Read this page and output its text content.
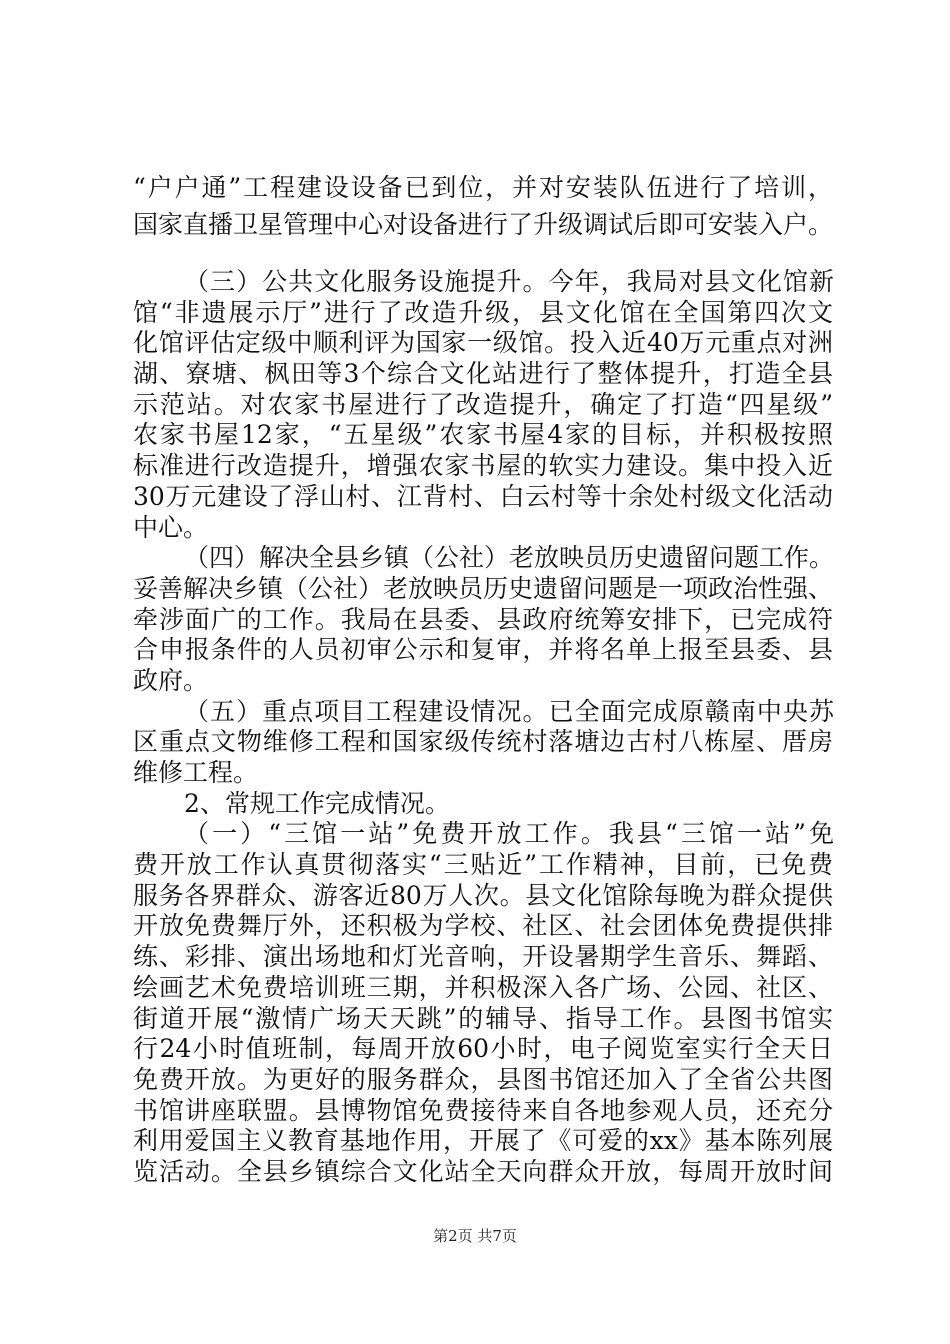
“户户通”工程建设设备已到位，并对安装队伍进行了培训，
国家直播卫星管理中心对设备进行了升级调试后即可安装入户。
（三）公共文化服务设施提升。今年，我局对县文化馆新
馆“非遗展示厅”进行了改造升级，县文化馆在全国第四次文
化馆评估定级中顺利评为国家一级馆。投入近40万元重点对洲
湖、寮塘、枫田等3个综合文化站进行了整体提升，打造全县
示范站。对农家书屋进行了改造提升，确定了打造“四星级”
农家书屋12家，“五星级”农家书屋4家的目标，并积极按照
标准进行改造提升，增强农家书屋的软实力建设。集中投入近
30万元建设了浮山村、江背村、白云村等十余处村级文化活动
中心。
（四）解决全县乡镇（公社）老放映员历史遗留问题工作。
妥善解决乡镇（公社）老放映员历史遗留问题是一项政治性强、
牵涉面广的工作。我局在县委、县政府统筹安排下，已完成符
合申报条件的人员初审公示和复审，并将名单上报至县委、县
政府。
（五）重点项目工程建设情况。已全面完成原赣南中央苏
区重点文物维修工程和国家级传统村落塘边古村八栋屋、厝房
维修工程。
2、常规工作完成情况。
（一）“三馆一站”免费开放工作。我县“三馆一站”免
费开放工作认真贯彻落实“三贴近”工作精神，目前，已免费
服务各界群众、游客近80万人次。县文化馆除每晚为群众提供
开放免费舞厅外，还积极为学校、社区、社会团体免费提供排
练、彩排、演出场地和灯光音响，开设暑期学生音乐、舞蹈、
绘画艺术免费培训班三期，并积极深入各广场、公园、社区、
街道开展“激情广场天天跳”的辅导、指导工作。县图书馆实
行24小时值班制，每周开放60小时，电子阅览室实行全天日
免费开放。为更好的服务群众，县图书馆还加入了全省公共图
书馆讲座联盟。县博物馆免费接待来自各地参观人员，还充分
利用爱国主义教育基地作用，开展了《可爱的xx》基本陈列展
览活动。全县乡镇综合文化站全天向群众开放，每周开放时间
第2页 共7页
